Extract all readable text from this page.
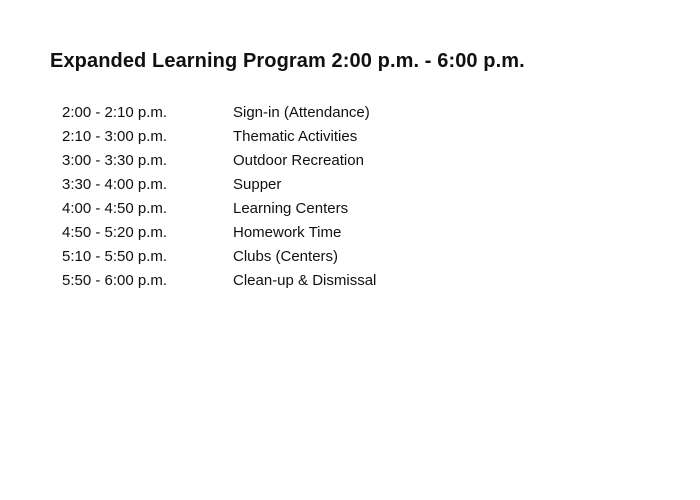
Expanded Learning Program 2:00 p.m. - 6:00 p.m.
2:00 - 2:10 p.m.	Sign-in (Attendance)
2:10 - 3:00 p.m.	Thematic Activities
3:00 - 3:30 p.m.	Outdoor Recreation
3:30 - 4:00 p.m.	Supper
4:00 - 4:50 p.m.	Learning Centers
4:50 - 5:20 p.m.	Homework Time
5:10 - 5:50 p.m.	Clubs (Centers)
5:50 - 6:00 p.m.	Clean-up & Dismissal
